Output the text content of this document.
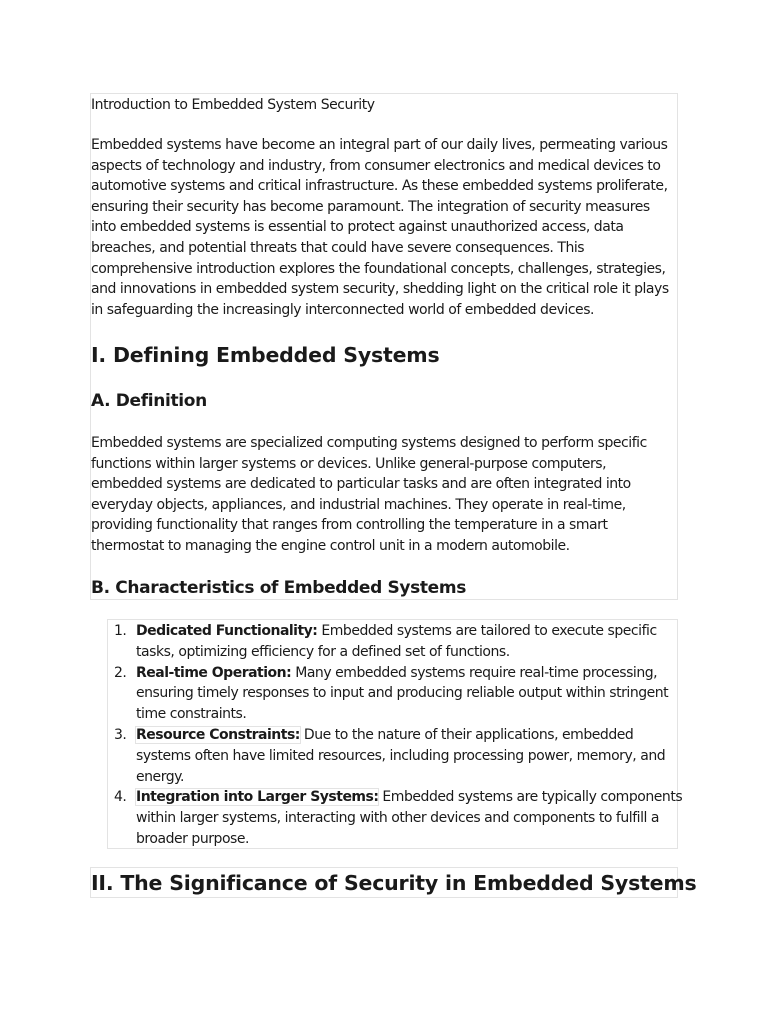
Introduction to Embedded System Security
Embedded systems have become an integral part of our daily lives, permeating various
aspects of technology and industry, from consumer electronics and medical devices to
automotive systems and critical infrastructure. As these embedded systems proliferate,
ensuring their security has become paramount. The integration of security measures
into embedded systems is essential to protect against unauthorized access, data
breaches, and potential threats that could have severe consequences. This
comprehensive introduction explores the foundational concepts, challenges, strategies,
and innovations in embedded system security, shedding light on the critical role it plays
in safeguarding the increasingly interconnected world of embedded devices.
I. Defining Embedded Systems
A. Definition
Embedded systems are specialized computing systems designed to perform specific
functions within larger systems or devices. Unlike general-purpose computers,
embedded systems are dedicated to particular tasks and are often integrated into
everyday objects, appliances, and industrial machines. They operate in real-time,
providing functionality that ranges from controlling the temperature in a smart
thermostat to managing the engine control unit in a modern automobile.
B. Characteristics of Embedded Systems
1. Dedicated Functionality: Embedded systems are tailored to execute specific
tasks, optimizing efficiency for a defined set of functions.
2. Real-time Operation: Many embedded systems require real-time processing,
ensuring timely responses to input and producing reliable output within stringent
time constraints.
3. Resource Constraints: Due to the nature of their applications, embedded
systems often have limited resources, including processing power, memory, and
energy.
4. Integration into Larger Systems: Embedded systems are typically components
within larger systems, interacting with other devices and components to fulfill a
broader purpose.
II. The Significance of Security in Embedded Systems
